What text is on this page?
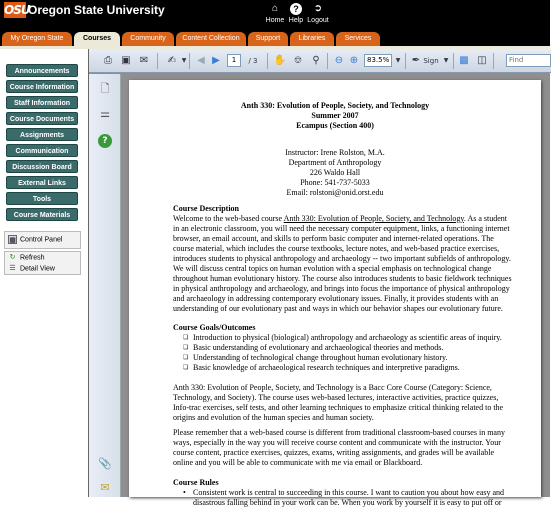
OSU
Oregon State University	⌂
Home
?
Help
➲
Logout
My Oregon State	Courses	Community	Content Collection	Support	Libraries	Services
Announcements
Course Information
Staff Information
Course Documents
Assignments
Communication
Discussion Board
External Links
Tools
Course Materials
▦ Control Panel
↻ Refresh
☰ Detail View
⎙ ▣ ✉ ✍ ▼	◀ ▶	1	/ 3	✋ ⎊	⚲	⊖ ⊕	83.5%	▼	✒ Sign ▼	▩ ◫	Find
🗋
⚌
?
📎
✉
Anth 330: Evolution of People, Society, and Technology
Summer 2007
Ecampus (Section 400)
Instructor: Irene Rolston, M.A.
Department of Anthropology
226 Waldo Hall
Phone: 541-737-5033
Email: rolstoni@onid.orst.edu
Course Description
Welcome to the web-based course Anth 330: Evolution of People, Society, and Technology. As a student
in an electronic classroom, you will need the necessary computer equipment, links, a functioning internet
browser, an email account, and skills to perform basic computer and internet-related operations. The
course material, which includes the course textbooks, lecture notes, and web-based practice exercises,
introduces students to physical anthropology and archaeology -- two important subfields of anthropology.
We will discuss central topics on human evolution with a special emphasis on technological change
throughout human evolutionary history. The course also introduces students to basic fieldwork techniques
in physical anthropology and archaeology, and brings into focus the importance of physical anthropology
and archaeology in addressing contemporary evolutionary issues. Finally, it provides students with an
understanding of our evolutionary past and ways in which our behavior shapes our evolutionary future.
Course Goals/Outcomes
❏ Introduction to physical (biological) anthropology and archaeology as scientific areas of inquiry.
❏ Basic understanding of evolutionary and archaeological theories and methods.
❏ Understanding of technological change throughout human evolutionary history.
❏ Basic knowledge of archaeological research techniques and interpretive paradigms.
Anth 330: Evolution of People, Society, and Technology is a Bacc Core Course (Category: Science,
Technology, and Society). The course uses web-based lectures, interactive activities, practice quizzes,
Info-trac exercises, self tests, and other learning techniques to emphasize critical thinking related to the
origins and evolution of the human species and human society.
Please remember that a web-based course is different from traditional classroom-based courses in many
ways, especially in the way you will receive course content and communicate with the instructor. Your
course content, practice exercises, quizzes, exams, writing assignments, and grades will be available
online and you will be able to communicate with me via email or Blackboard.
Course Rules
• Consistent work is central to succeeding in this course. I want to caution you about how easy and
disastrous falling behind in your work can be. When you work by yourself it is easy to put off or
